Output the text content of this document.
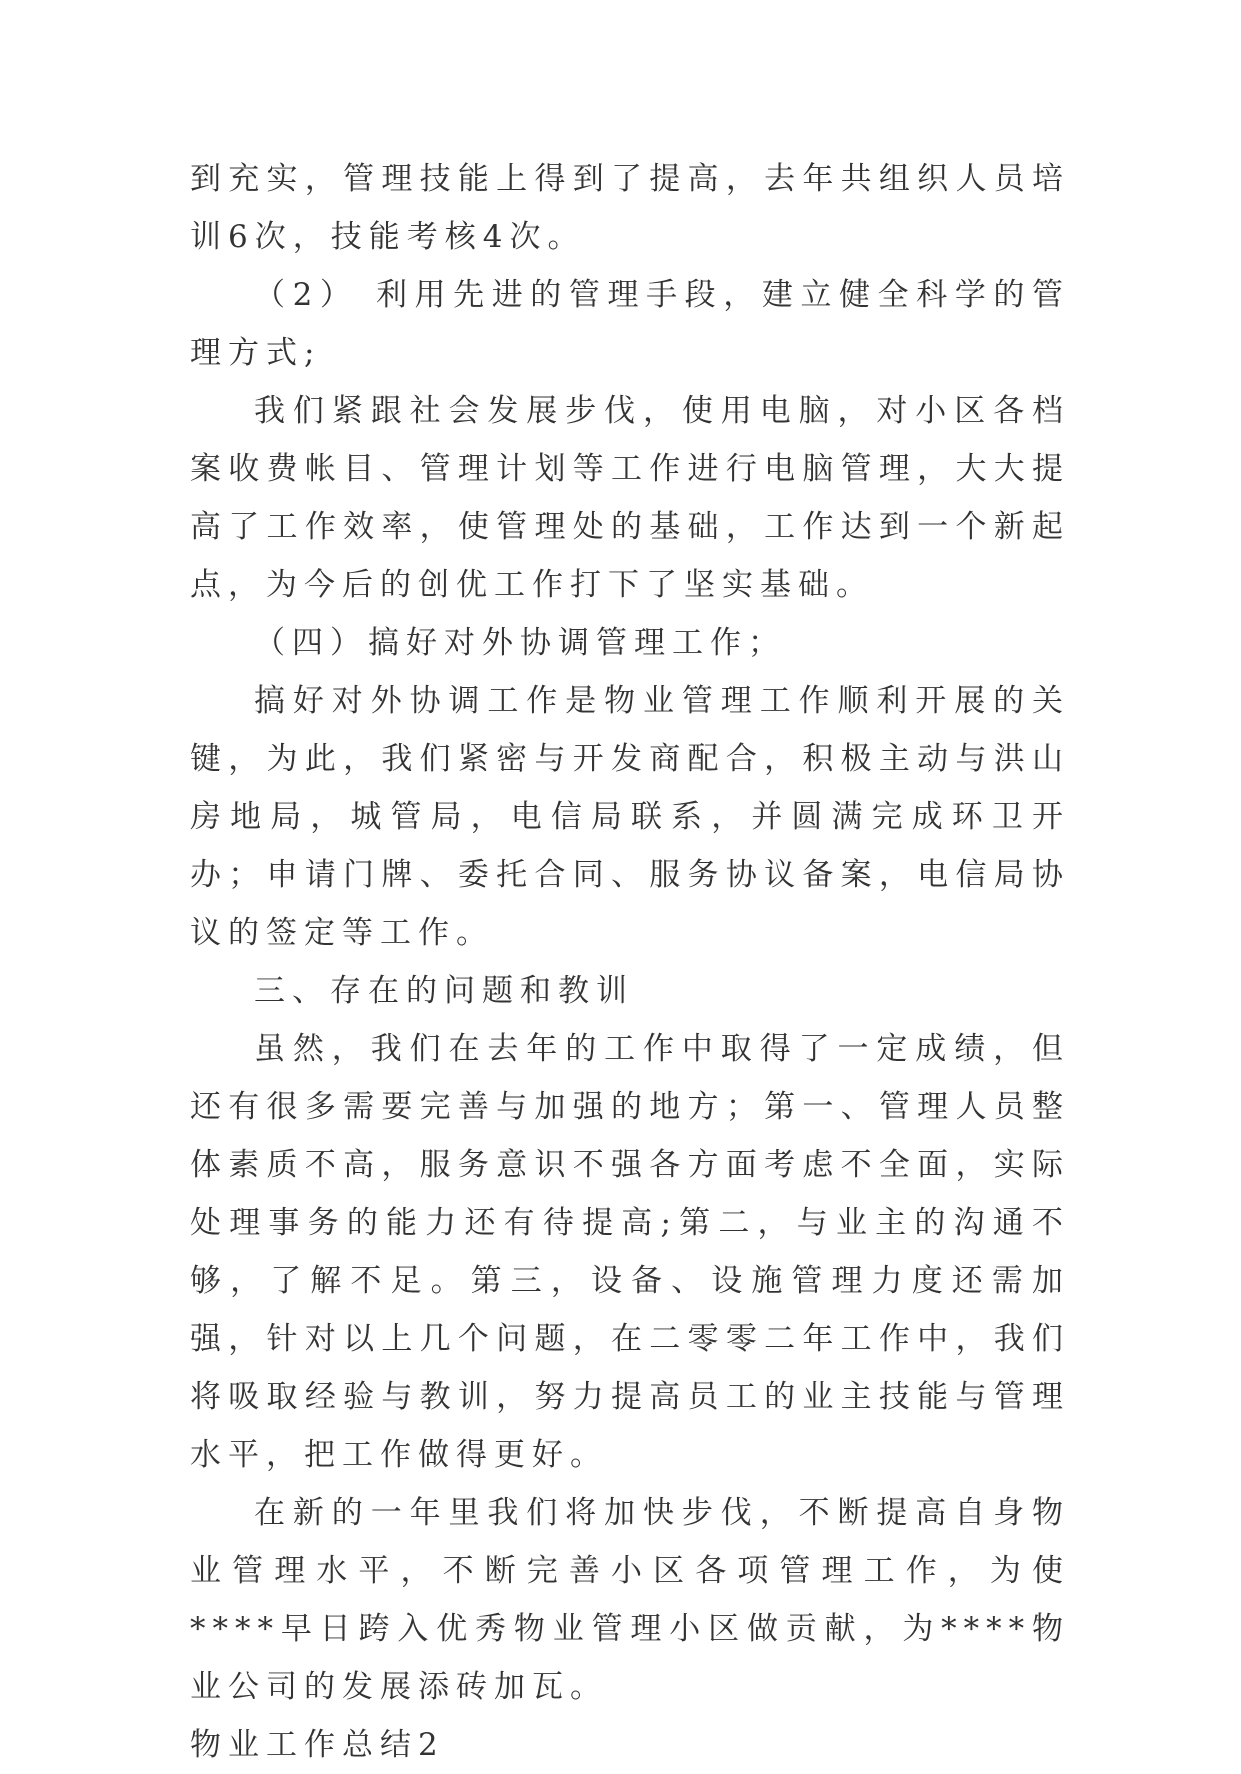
到充实，管理技能上得到了提高，去年共组织人员培训6次，技能考核4次。

（2） 利用先进的管理手段，建立健全科学的管理方式;

我们紧跟社会发展步伐，使用电脑，对小区各档案收费帐目、管理计划等工作进行电脑管理，大大提高了工作效率，使管理处的基础，工作达到一个新起点，为今后的创优工作打下了坚实基础。

（四）搞好对外协调管理工作；

搞好对外协调工作是物业管理工作顺利开展的关键，为此，我们紧密与开发商配合，积极主动与洪山房地局，城管局，电信局联系，并圆满完成环卫开办；申请门牌、委托合同、服务协议备案，电信局协议的签定等工作。

三、存在的问题和教训

虽然，我们在去年的工作中取得了一定成绩，但还有很多需要完善与加强的地方；第一、管理人员整体素质不高，服务意识不强各方面考虑不全面，实际处理事务的能力还有待提高;第二，与业主的沟通不够，了解不足。第三，设备、设施管理力度还需加强，针对以上几个问题，在二零零二年工作中，我们将吸取经验与教训，努力提高员工的业主技能与管理水平，把工作做得更好。

在新的一年里我们将加快步伐，不断提高自身物业管理水平，不断完善小区各项管理工作，为使****早日跨入优秀物业管理小区做贡献，为****物业公司的发展添砖加瓦。

物业工作总结2
